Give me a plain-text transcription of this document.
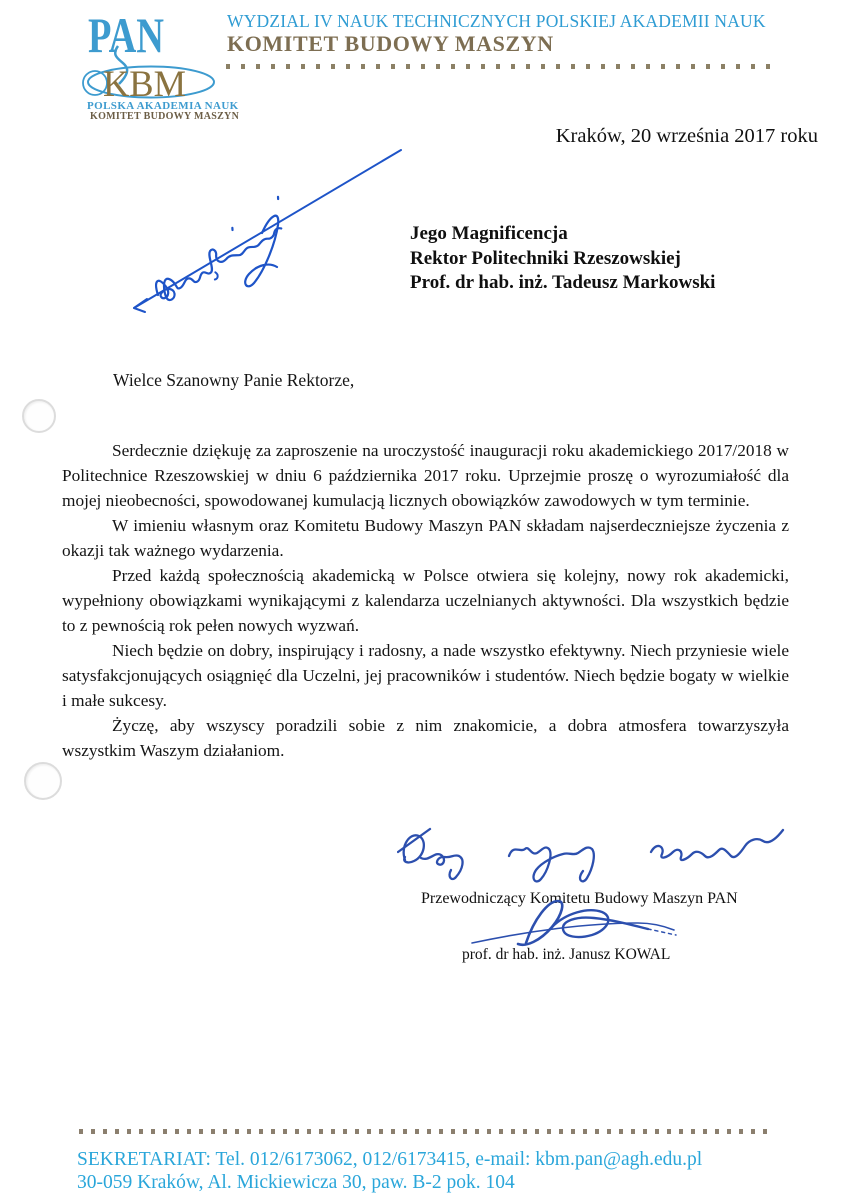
PAN
KBM
POLSKA AKADEMIA NAUK
KOMITET BUDOWY MASZYN
WYDZIAL IV NAUK TECHNICZNYCH POLSKIEJ AKADEMII NAUK
KOMITET BUDOWY MASZYN
Kraków, 20 września 2017 roku
Jego Magnificencja
Rektor Politechniki Rzeszowskiej
Prof. dr hab. inż. Tadeusz Markowski
Wielce Szanowny Panie Rektorze,

Serdecznie dziękuję za zaproszenie na uroczystość inauguracji roku akademickiego 2017/2018 w Politechnice Rzeszowskiej w dniu 6 października 2017 roku. Uprzejmie proszę o wyrozumiałość dla mojej nieobecności, spowodowanej kumulacją licznych obowiązków zawodowych w tym terminie.

W imieniu własnym oraz Komitetu Budowy Maszyn PAN składam najserdeczniejsze życzenia z okazji tak ważnego wydarzenia.

Przed każdą społecznością akademicką w Polsce otwiera się kolejny, nowy rok akademicki, wypełniony obowiązkami wynikającymi z kalendarza uczelnianych aktywności. Dla wszystkich będzie to z pewnością rok pełen nowych wyzwań.

Niech będzie on dobry, inspirujący i radosny, a nade wszystko efektywny. Niech przyniesie wiele satysfakcjonujących osiągnięć dla Uczelni, jej pracowników i studentów. Niech będzie bogaty w wielkie i małe sukcesy.

Życzę, aby wszyscy poradzili sobie z nim znakomicie, a dobra atmosfera towarzyszyła wszystkim Waszym działaniom.

Przewodniczący Komitetu Budowy Maszyn PAN
prof. dr hab. inż. Janusz KOWAL
SEKRETARIAT: Tel. 012/6173062, 012/6173415, e-mail: kbm.pan@agh.edu.pl
30-059 Kraków, Al. Mickiewicza 30, paw. B-2 pok. 104
